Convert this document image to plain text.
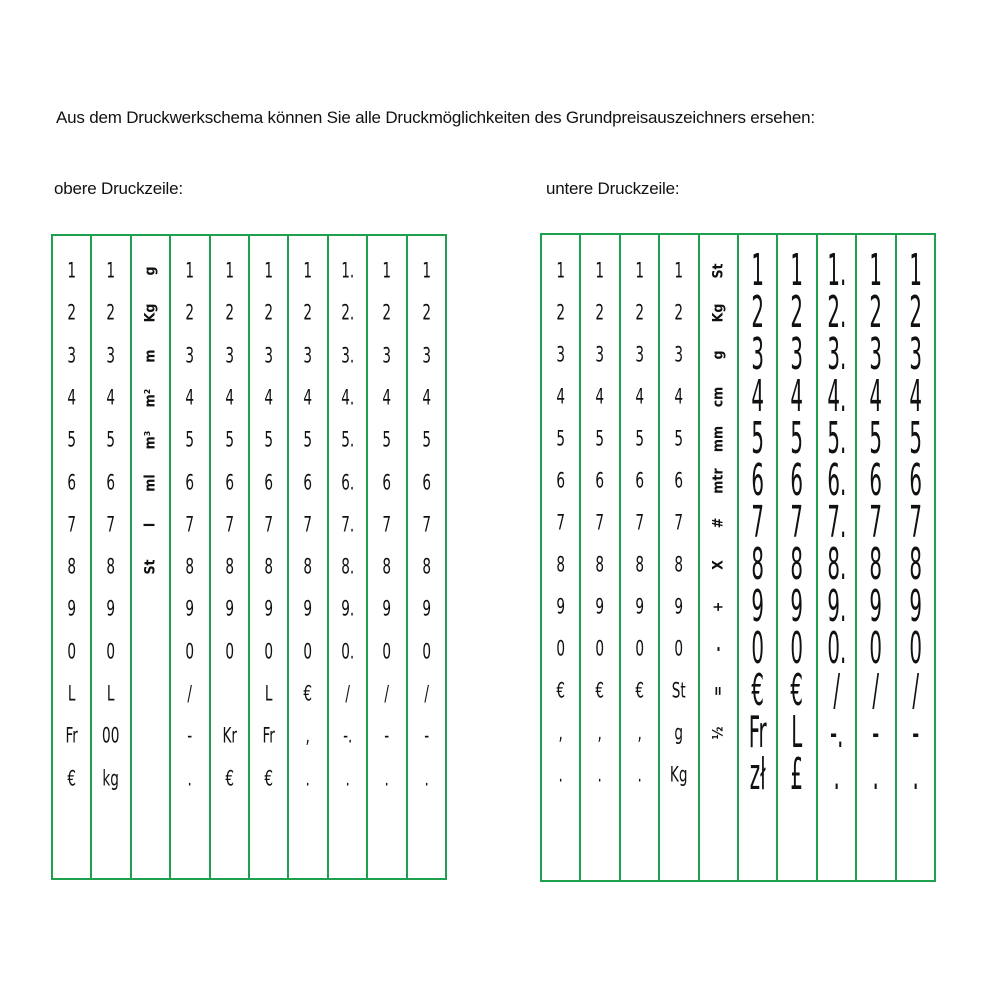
Aus dem Druckwerkschema können Sie alle Druckmöglichkeiten des Grundpreisauszeichners ersehen:
obere Druckzeile:	untere Druckzeile:
1
2
3
4
5
6
7
8
9
0
L
Fr
€
1
2
3
4
5
6
7
8
9
0
L
00
kg
g
Kg
m
m²
m³
ml
l
St
1
2
3
4
5
6
7
8
9
0
/
-
.
1
2
3
4
5
6
7
8
9
0
Kr
€
1
2
3
4
5
6
7
8
9
0
L
Fr
€
1
2
3
4
5
6
7
8
9
0
€
,
.
1.
2.
3.
4.
5.
6.
7.
8.
9.
0.
/
-.
.
1
2
3
4
5
6
7
8
9
0
/
-
.
1
2
3
4
5
6
7
8
9
0
/
-
.
1
2
3
4
5
6
7
8
9
0
€
,
.
1
2
3
4
5
6
7
8
9
0
€
,
.
1
2
3
4
5
6
7
8
9
0
€
,
.
1
2
3
4
5
6
7
8
9
0
St
g
Kg
St
Kg
g
cm
mm
mtr
#
X
+
-
=
½
1
2
3
4
5
6
7
8
9
0
€
Fr
zł
1
2
3
4
5
6
7
8
9
0
€
L
£
1.
2.
3.
4.
5.
6.
7.
8.
9.
0.
/
-.
.
1
2
3
4
5
6
7
8
9
0
/
-
.
1
2
3
4
5
6
7
8
9
0
/
-
.
